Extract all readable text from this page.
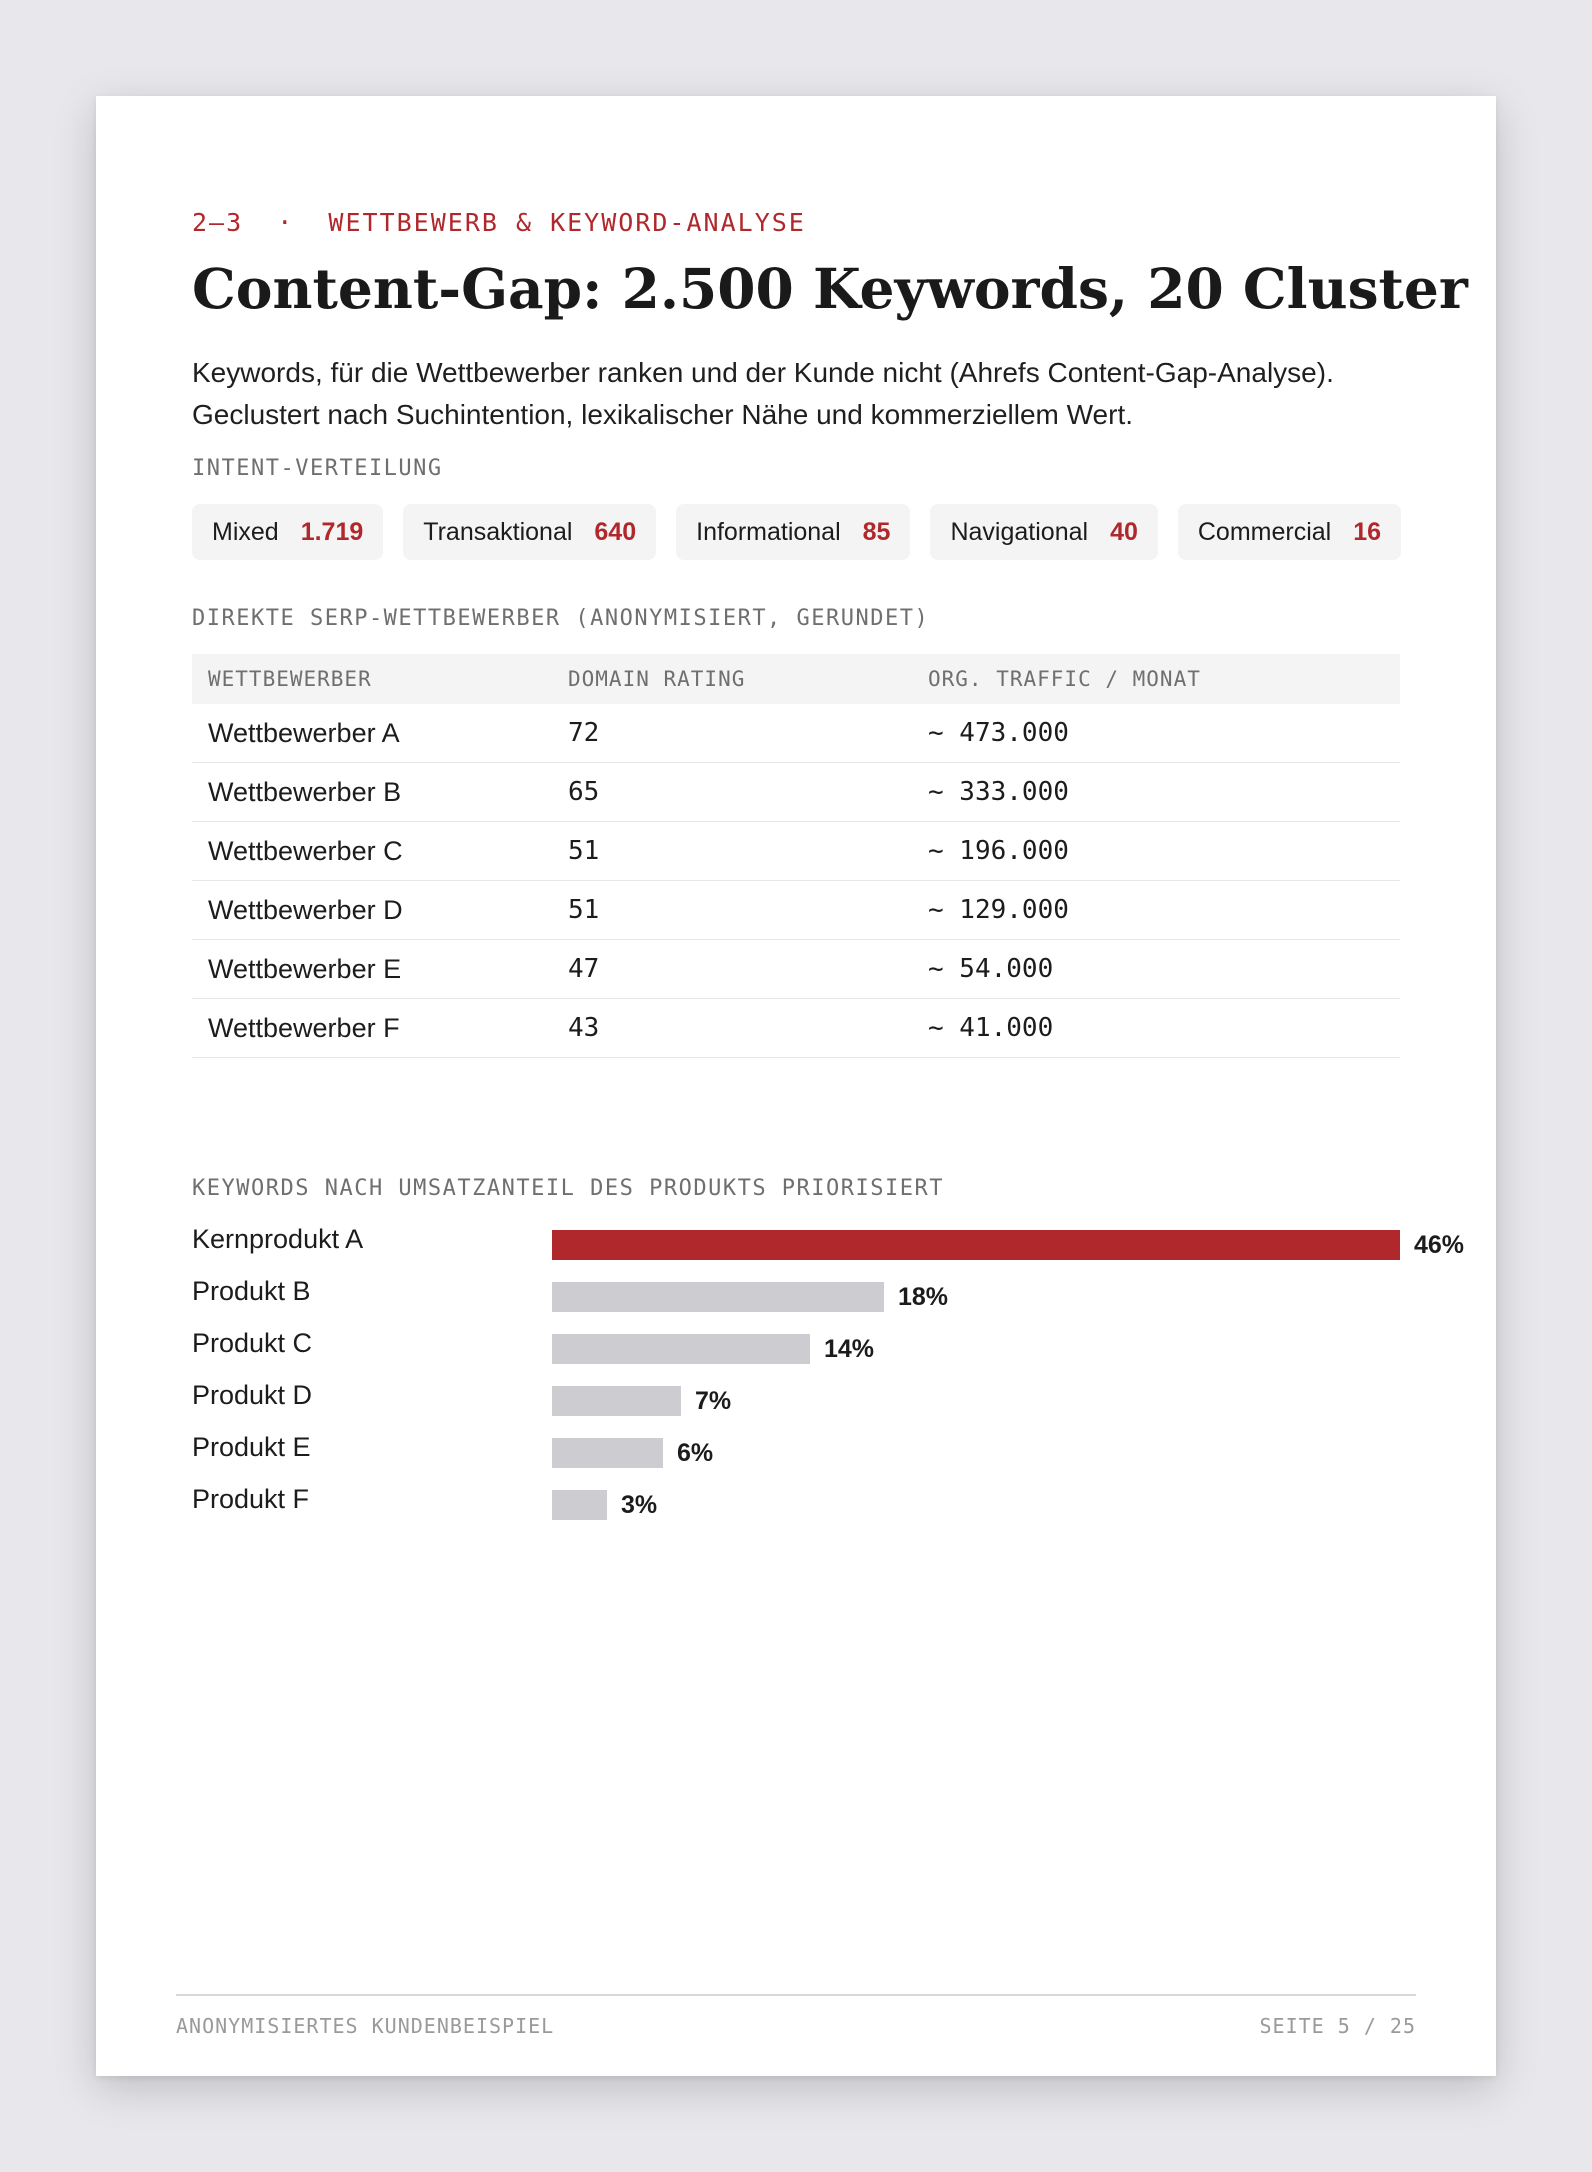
2–3  ·  WETTBEWERB & KEYWORD-ANALYSE
Content-Gap: 2.500 Keywords, 20 Cluster

Keywords, für die Wettbewerber ranken und der Kunde nicht (Ahrefs Content-Gap-Analyse). Geclustert nach Suchintention, lexikalischer Nähe und kommerziellem Wert.

INTENT-VERTEILUNG
Mixed 1.719 Transaktional 640 Informational 85 Navigational 40 Commercial 16
DIREKTE SERP-WETTBEWERBER (ANONYMISIERT, GERUNDET)
WETTBEWERBER	DOMAIN RATING	ORG. TRAFFIC / MONAT
Wettbewerber A	72	~ 473.000
Wettbewerber B	65	~ 333.000
Wettbewerber C	51	~ 196.000
Wettbewerber D	51	~ 129.000
Wettbewerber E	47	~ 54.000
Wettbewerber F	43	~ 41.000
KEYWORDS NACH UMSATZANTEIL DES PRODUKTS PRIORISIERT
Kernprodukt A	46%
Produkt B	18%
Produkt C	14%
Produkt D	7%
Produkt E	6%
Produkt F	3%
ANONYMISIERTES KUNDENBEISPIEL	SEITE 5 / 25
